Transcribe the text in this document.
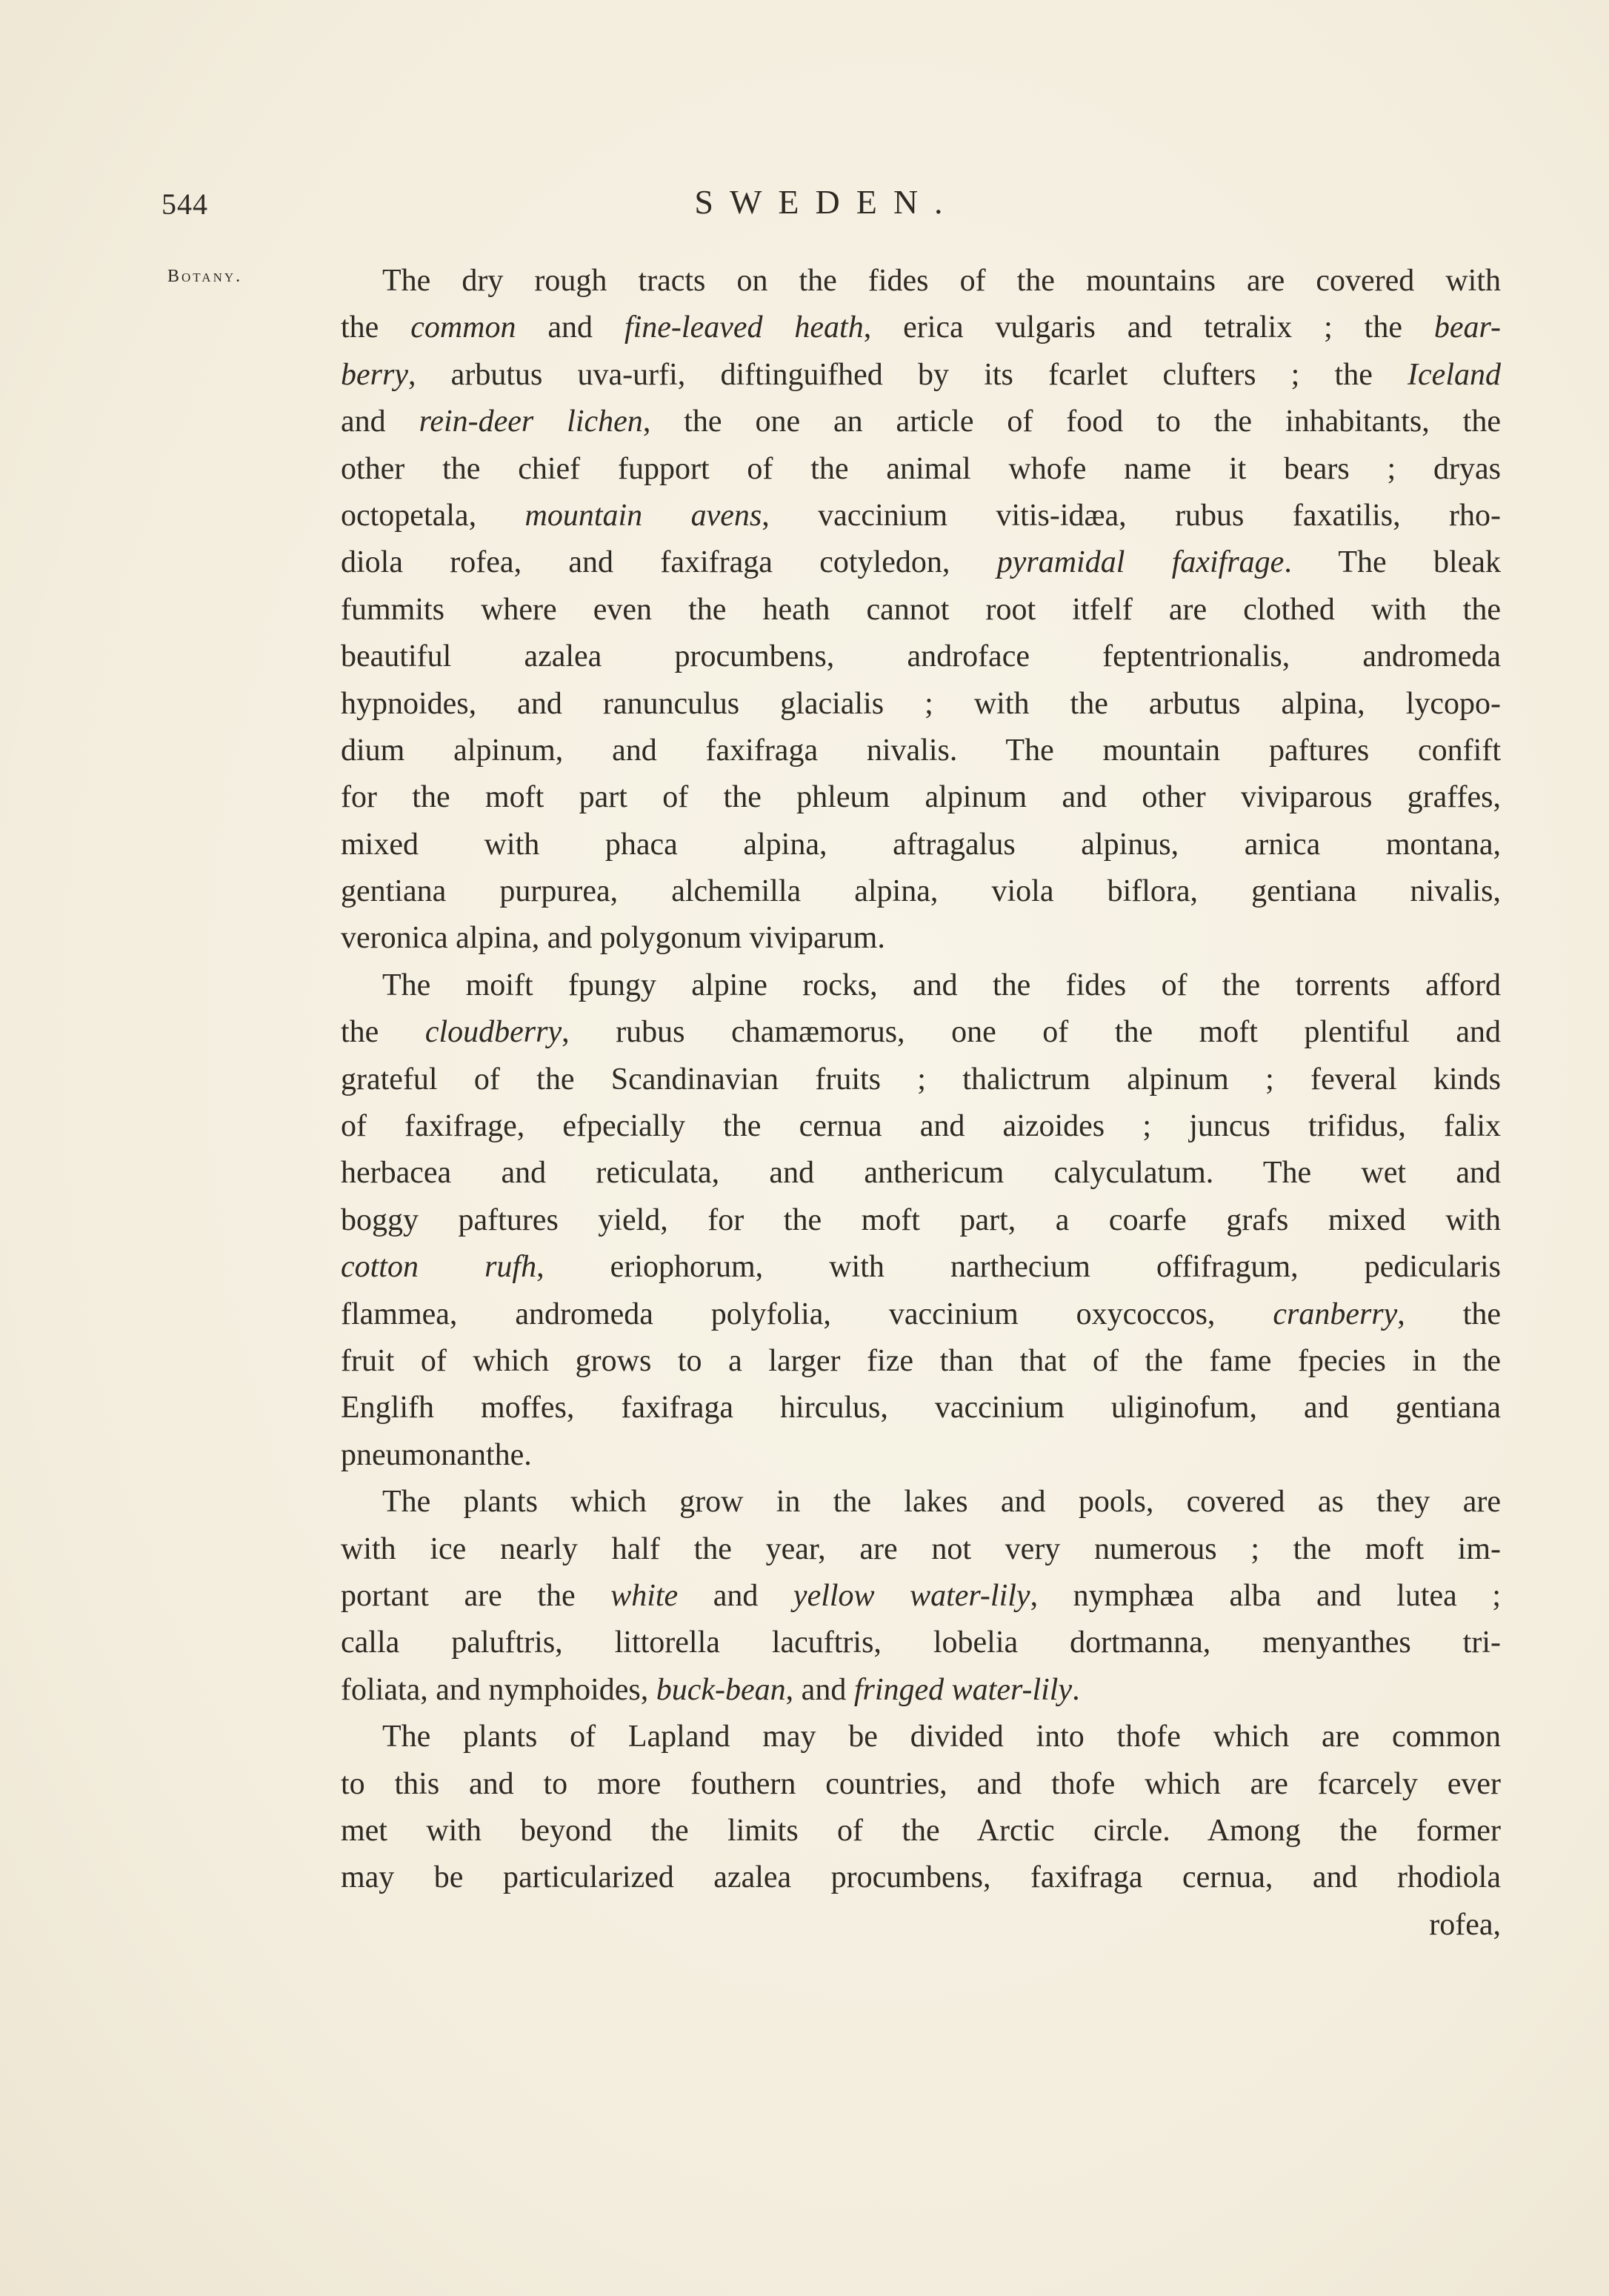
544	SWEDEN.
Botany.	The dry rough tracts on the fides of the mountains are covered with
the common and fine-leaved heath, erica vulgaris and tetralix ; the bear-
berry, arbutus uva-urfi, diftinguifhed by its fcarlet clufters ; the Iceland
and rein-deer lichen, the one an article of food to the inhabitants, the
other the chief fupport of the animal whofe name it bears ; dryas
octopetala, mountain avens, vaccinium vitis-idæa, rubus faxatilis, rho-
diola rofea, and faxifraga cotyledon, pyramidal faxifrage. The bleak
fummits where even the heath cannot root itfelf are clothed with the
beautiful azalea procumbens, androface feptentrionalis, andromeda
hypnoides, and ranunculus glacialis ; with the arbutus alpina, lycopo-
dium alpinum, and faxifraga nivalis. The mountain paftures confift
for the moft part of the phleum alpinum and other viviparous graffes,
mixed with phaca alpina, aftragalus alpinus, arnica montana,
gentiana purpurea, alchemilla alpina, viola biflora, gentiana nivalis,
veronica alpina, and polygonum viviparum.
The moift fpungy alpine rocks, and the fides of the torrents afford
the cloudberry, rubus chamæmorus, one of the moft plentiful and
grateful of the Scandinavian fruits ; thalictrum alpinum ; feveral kinds
of faxifrage, efpecially the cernua and aizoides ; juncus trifidus, falix
herbacea and reticulata, and anthericum calyculatum. The wet and
boggy paftures yield, for the moft part, a coarfe grafs mixed with
cotton rufh, eriophorum, with narthecium offifragum, pedicularis
flammea, andromeda polyfolia, vaccinium oxycoccos, cranberry, the
fruit of which grows to a larger fize than that of the fame fpecies in the
Englifh moffes, faxifraga hirculus, vaccinium uliginofum, and gentiana
pneumonanthe.
The plants which grow in the lakes and pools, covered as they are
with ice nearly half the year, are not very numerous ; the moft im-
portant are the white and yellow water-lily, nymphæa alba and lutea ;
calla paluftris, littorella lacuftris, lobelia dortmanna, menyanthes tri-
foliata, and nymphoides, buck-bean, and fringed water-lily.
The plants of Lapland may be divided into thofe which are common
to this and to more fouthern countries, and thofe which are fcarcely ever
met with beyond the limits of the Arctic circle. Among the former
may be particularized azalea procumbens, faxifraga cernua, and rhodiola
rofea,
